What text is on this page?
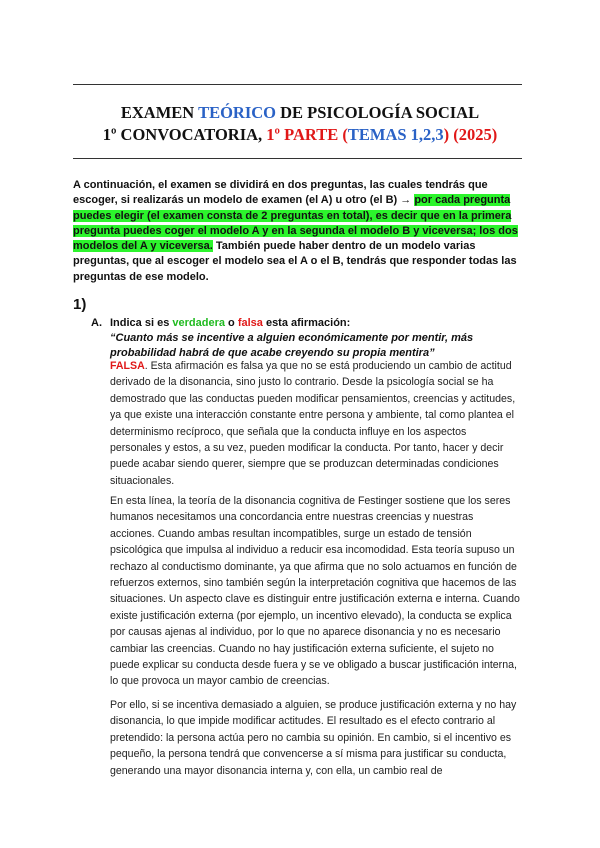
EXAMEN TEÓRICO DE PSICOLOGÍA SOCIAL
1º CONVOCATORIA, 1º PARTE (TEMAS 1,2,3) (2025)
A continuación, el examen se dividirá en dos preguntas, las cuales tendrás que escoger, si realizarás un modelo de examen (el A) u otro (el B) → por cada pregunta puedes elegir (el examen consta de 2 preguntas en total), es decir que en la primera pregunta puedes coger el modelo A y en la segunda el modelo B y viceversa; los dos modelos del A y viceversa. También puede haber dentro de un modelo varias preguntas, que al escoger el modelo sea el A o el B, tendrás que responder todas las preguntas de ese modelo.
1)
A. Indica si es verdadera o falsa esta afirmación:
“Cuanto más se incentive a alguien económicamente por mentir, más probabilidad habrá de que acabe creyendo su propia mentira”
FALSA. Esta afirmación es falsa ya que no se está produciendo un cambio de actitud derivado de la disonancia, sino justo lo contrario. Desde la psicología social se ha demostrado que las conductas pueden modificar pensamientos, creencias y actitudes, ya que existe una interacción constante entre persona y ambiente, tal como plantea el determinismo recíproco, que señala que la conducta influye en los aspectos personales y estos, a su vez, pueden modificar la conducta. Por tanto, hacer y decir puede acabar siendo querer, siempre que se produzcan determinadas condiciones situacionales.
En esta línea, la teoría de la disonancia cognitiva de Festinger sostiene que los seres humanos necesitamos una concordancia entre nuestras creencias y nuestras acciones. Cuando ambas resultan incompatibles, surge un estado de tensión psicológica que impulsa al individuo a reducir esa incomodidad. Esta teoría supuso un rechazo al conductismo dominante, ya que afirma que no solo actuamos en función de refuerzos externos, sino también según la interpretación cognitiva que hacemos de las situaciones. Un aspecto clave es distinguir entre justificación externa e interna. Cuando existe justificación externa (por ejemplo, un incentivo elevado), la conducta se explica por causas ajenas al individuo, por lo que no aparece disonancia y no es necesario cambiar las creencias. Cuando no hay justificación externa suficiente, el sujeto no puede explicar su conducta desde fuera y se ve obligado a buscar justificación interna, lo que provoca un mayor cambio de creencias.
Por ello, si se incentiva demasiado a alguien, se produce justificación externa y no hay disonancia, lo que impide modificar actitudes. El resultado es el efecto contrario al pretendido: la persona actúa pero no cambia su opinión. En cambio, si el incentivo es pequeño, la persona tendrá que convencerse a sí misma para justificar su conducta, generando una mayor disonancia interna y, con ella, un cambio real de
